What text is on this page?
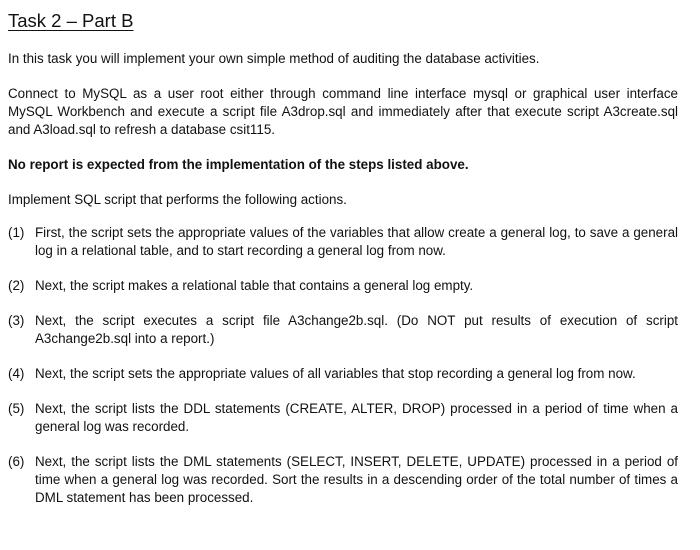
Task 2 – Part B

In this task you will implement your own simple method of auditing the database activities.

Connect to MySQL as a user root either through command line interface mysql or graphical user interface MySQL Workbench and execute a script file A3drop.sql and immediately after that execute script A3create.sql and A3load.sql to refresh a database csit115.

No report is expected from the implementation of the steps listed above.

Implement SQL script that performs the following actions.

(1) First, the script sets the appropriate values of the variables that allow create a general log, to save a general log in a relational table, and to start recording a general log from now.
(2) Next, the script makes a relational table that contains a general log empty.
(3) Next, the script executes a script file A3change2b.sql. (Do NOT put results of execution of script A3change2b.sql into a report.)
(4) Next, the script sets the appropriate values of all variables that stop recording a general log from now.
(5) Next, the script lists the DDL statements (CREATE, ALTER, DROP) processed in a period of time when a general log was recorded.
(6) Next, the script lists the DML statements (SELECT, INSERT, DELETE, UPDATE) processed in a period of time when a general log was recorded. Sort the results in a descending order of the total number of times a DML statement has been processed.
